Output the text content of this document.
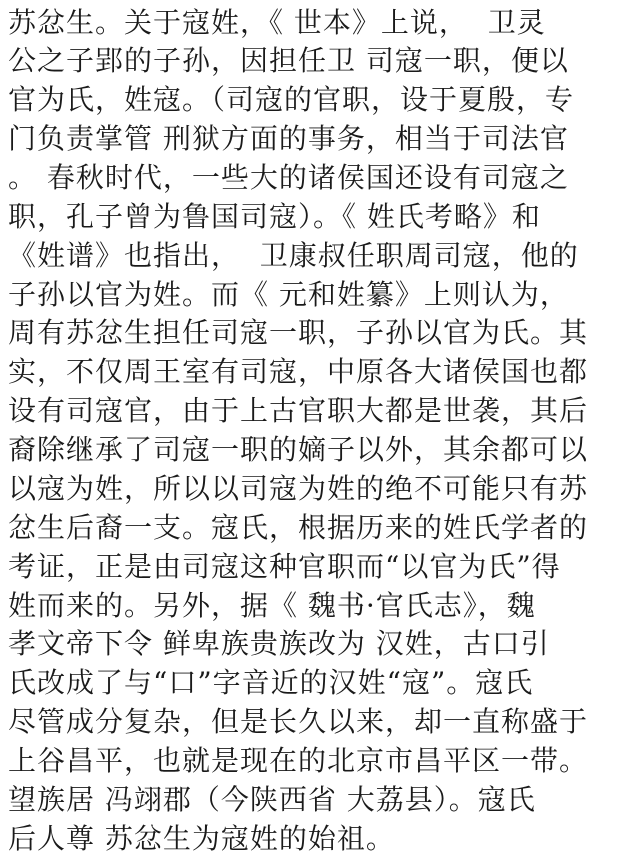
苏忿生。关于寇姓，《 世本》上说，  卫灵
公之子郢的子孙，因担任卫 司寇一职，便以
官为氏，姓寇。（司寇的官职，设于夏殷，专
门负责掌管 刑狱方面的事务，相当于司法官
。 春秋时代，一些大的诸侯国还设有司寇之
职，孔子曾为鲁国司寇）。《 姓氏考略》和
《姓谱》也指出，  卫康叔任职周司寇，他的
子孙以官为姓。而《 元和姓纂》上则认为，
周有苏忿生担任司寇一职，子孙以官为氏。其
实，不仅周王室有司寇，中原各大诸侯国也都
设有司寇官，由于上古官职大都是世袭，其后
裔除继承了司寇一职的嫡子以外，其余都可以
以寇为姓，所以以司寇为姓的绝不可能只有苏
忿生后裔一支。寇氏，根据历来的姓氏学者的
考证，正是由司寇这种官职而“以官为氏”得
姓而来的。另外，据《 魏书·官氏志》，魏
孝文帝下令 鲜卑族贵族改为 汉姓，古口引
氏改成了与“口”字音近的汉姓“寇”。寇氏
尽管成分复杂，但是长久以来，却一直称盛于
上谷昌平，也就是现在的北京市昌平区一带。
望族居 冯翊郡（今陕西省 大荔县）。寇氏
后人尊 苏忿生为寇姓的始祖。
